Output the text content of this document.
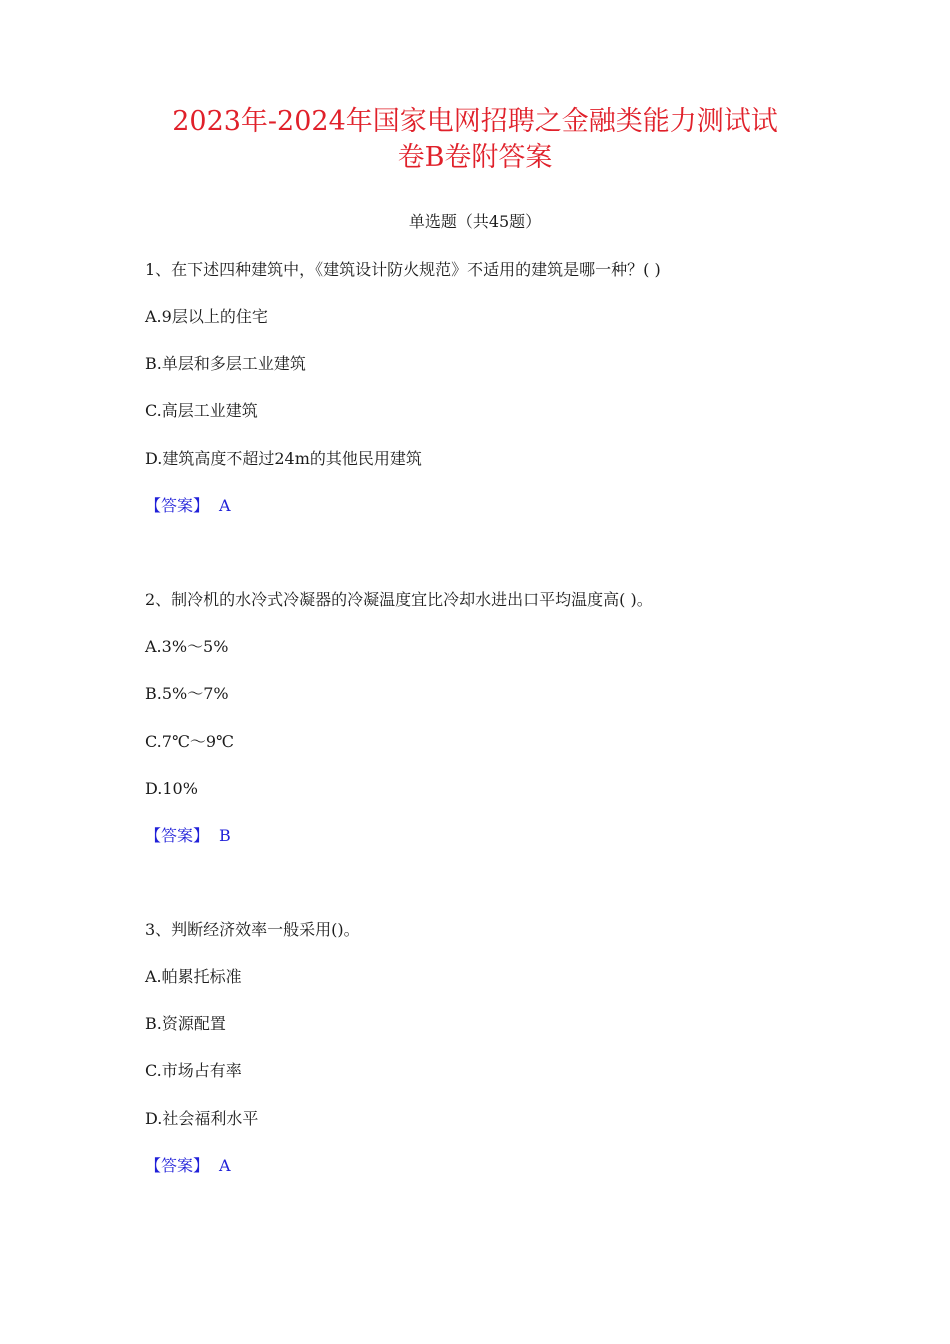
2023年-2024年国家电网招聘之金融类能力测试试
卷B卷附答案
单选题（共45题）
1、在下述四种建筑中，《建筑设计防火规范》不适用的建筑是哪一种？( )
A.9层以上的住宅
B.单层和多层工业建筑
C.高层工业建筑
D.建筑高度不超过24m的其他民用建筑
【答案】 A
2、制冷机的水冷式冷凝器的冷凝温度宜比冷却水进出口平均温度高( )。
A.3%～5%
B.5%～7%
C.7℃～9℃
D.10%
【答案】 B
3、判断经济效率一般采用()。
A.帕累托标准
B.资源配置
C.市场占有率
D.社会福利水平
【答案】 A
